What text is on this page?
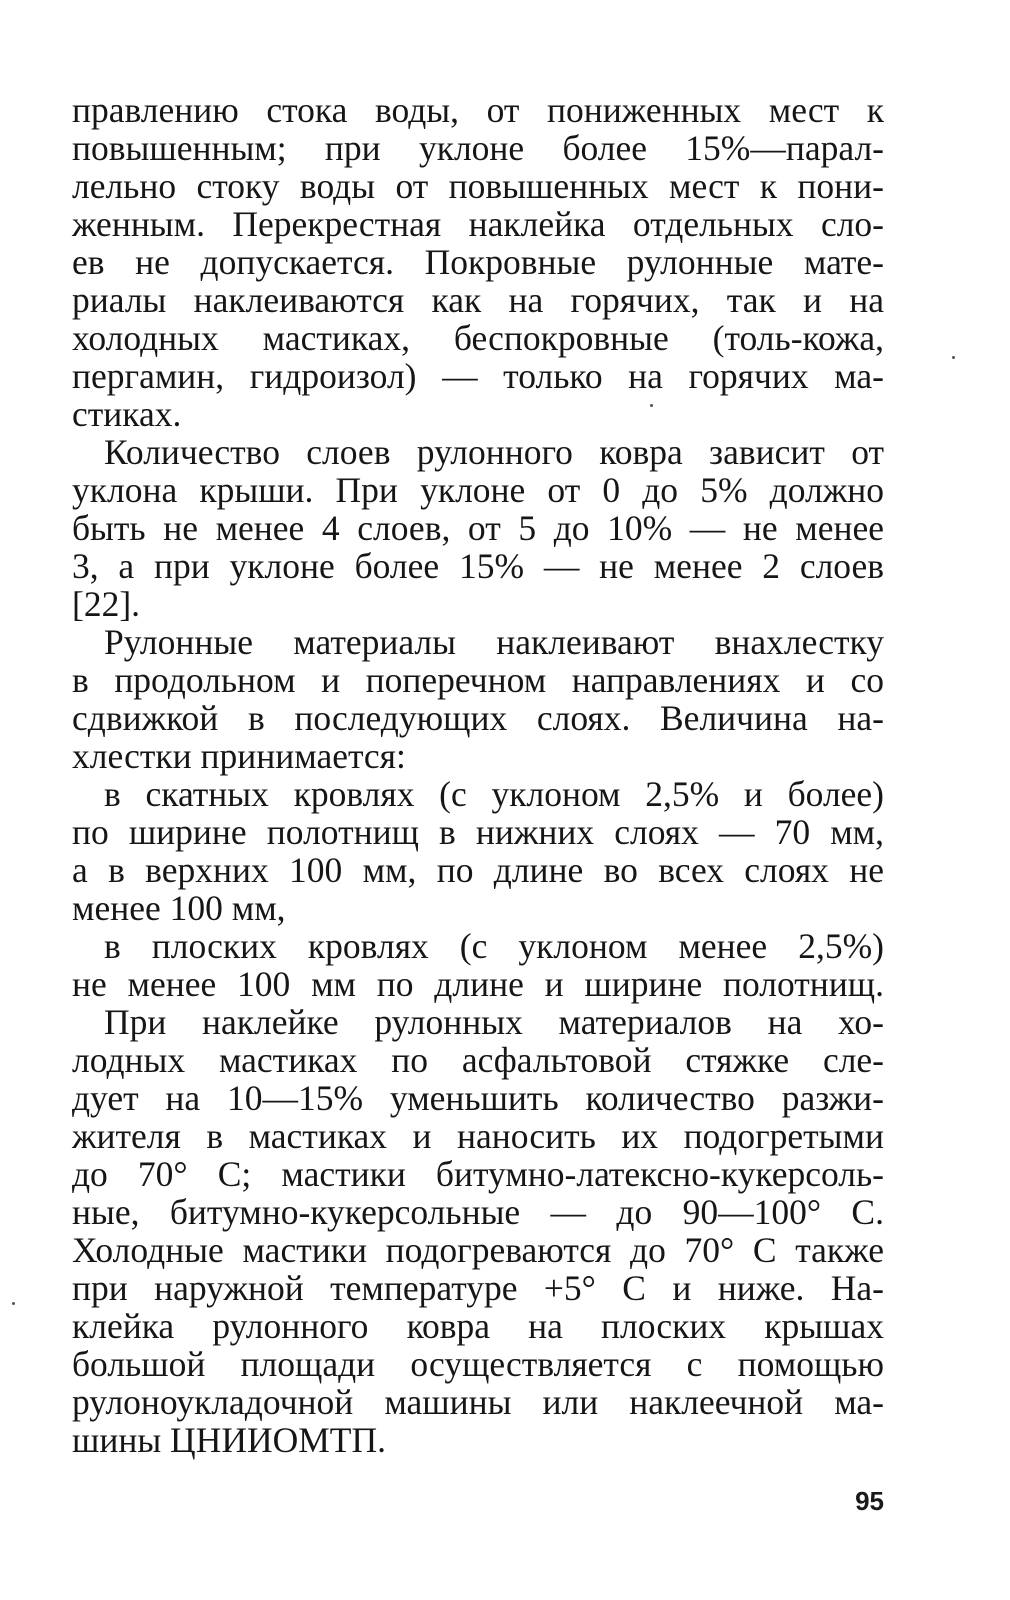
правлению стока воды, от пониженных мест к
повышенным; при уклоне более 15%—парал-
лельно стоку воды от повышенных мест к пони-
женным. Перекрестная наклейка отдельных сло-
ев не допускается. Покровные рулонные мате-
риалы наклеиваются как на горячих, так и на
холодных мастиках, беспокровные (толь-кожа,
пергамин, гидроизол) — только на горячих ма-
стиках.
Количество слоев рулонного ковра зависит от
уклона крыши. При уклоне от 0 до 5% должно
быть не менее 4 слоев, от 5 до 10% — не менее
3, а при уклоне более 15% — не менее 2 слоев
[22].
Рулонные материалы наклеивают внахлестку
в продольном и поперечном направлениях и со
сдвижкой в последующих слоях. Величина на-
хлестки принимается:
в скатных кровлях (с уклоном 2,5% и более)
по ширине полотнищ в нижних слоях — 70 мм,
а в верхних 100 мм, по длине во всех слоях не
менее 100 мм,
в плоских кровлях (с уклоном менее 2,5%)
не менее 100 мм по длине и ширине полотнищ.
При наклейке рулонных материалов на хо-
лодных мастиках по асфальтовой стяжке сле-
дует на 10—15% уменьшить количество разжи-
жителя в мастиках и наносить их подогретыми
до 70° С; мастики битумно-латексно-кукерсоль-
ные, битумно-кукерсольные — до 90—100° С.
Холодные мастики подогреваются до 70° С также
при наружной температуре +5° С и ниже. На-
клейка рулонного ковра на плоских крышах
большой площади осуществляется с помощью
рулоноукладочной машины или наклеечной ма-
шины ЦНИИОМТП.
95
